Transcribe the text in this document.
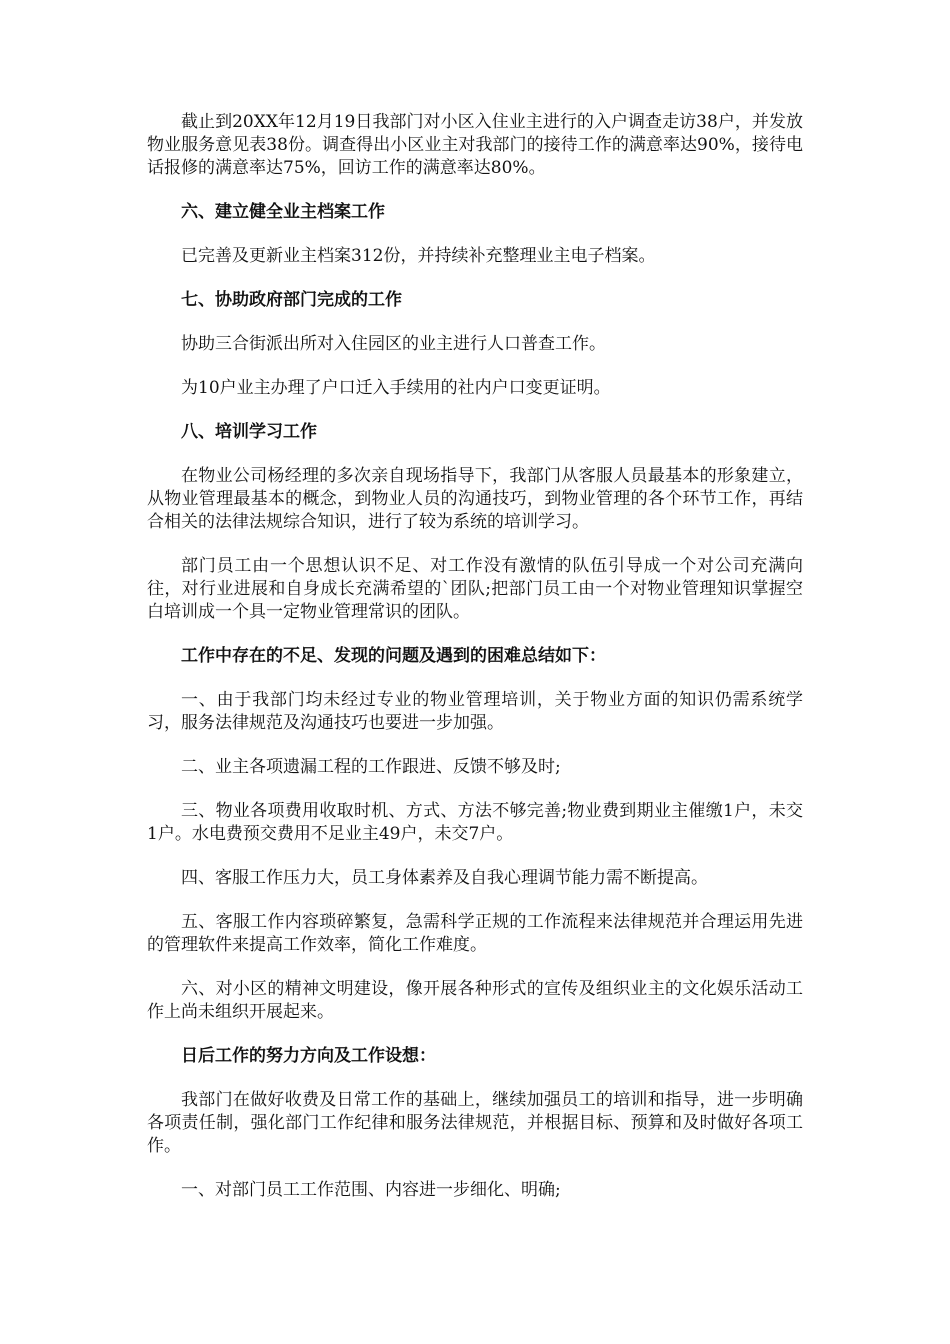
截止到20XX年12月19日我部门对小区入住业主进行的入户调查走访38户，并发放物业服务意见表38份。调查得出小区业主对我部门的接待工作的满意率达90%，接待电话报修的满意率达75%，回访工作的满意率达80%。

六、建立健全业主档案工作

已完善及更新业主档案312份，并持续补充整理业主电子档案。

七、协助政府部门完成的工作

协助三合街派出所对入住园区的业主进行人口普查工作。

为10户业主办理了户口迁入手续用的社内户口变更证明。

八、培训学习工作

在物业公司杨经理的多次亲自现场指导下，我部门从客服人员最基本的形象建立，从物业管理最基本的概念，到物业人员的沟通技巧，到物业管理的各个环节工作，再结合相关的法律法规综合知识，进行了较为系统的培训学习。

部门员工由一个思想认识不足、对工作没有激情的队伍引导成一个对公司充满向往，对行业进展和自身成长充满希望的`团队;把部门员工由一个对物业管理知识掌握空白培训成一个具一定物业管理常识的团队。

工作中存在的不足、发现的问题及遇到的困难总结如下：

一、由于我部门均未经过专业的物业管理培训，关于物业方面的知识仍需系统学习，服务法律规范及沟通技巧也要进一步加强。

二、业主各项遗漏工程的工作跟进、反馈不够及时;

三、物业各项费用收取时机、方式、方法不够完善;物业费到期业主催缴1户，未交1户。水电费预交费用不足业主49户，未交7户。

四、客服工作压力大，员工身体素养及自我心理调节能力需不断提高。

五、客服工作内容琐碎繁复，急需科学正规的工作流程来法律规范并合理运用先进的管理软件来提高工作效率，简化工作难度。

六、对小区的精神文明建设，像开展各种形式的宣传及组织业主的文化娱乐活动工作上尚未组织开展起来。

日后工作的努力方向及工作设想：

我部门在做好收费及日常工作的基础上，继续加强员工的培训和指导，进一步明确各项责任制，强化部门工作纪律和服务法律规范，并根据目标、预算和及时做好各项工作。

一、对部门员工工作范围、内容进一步细化、明确;
